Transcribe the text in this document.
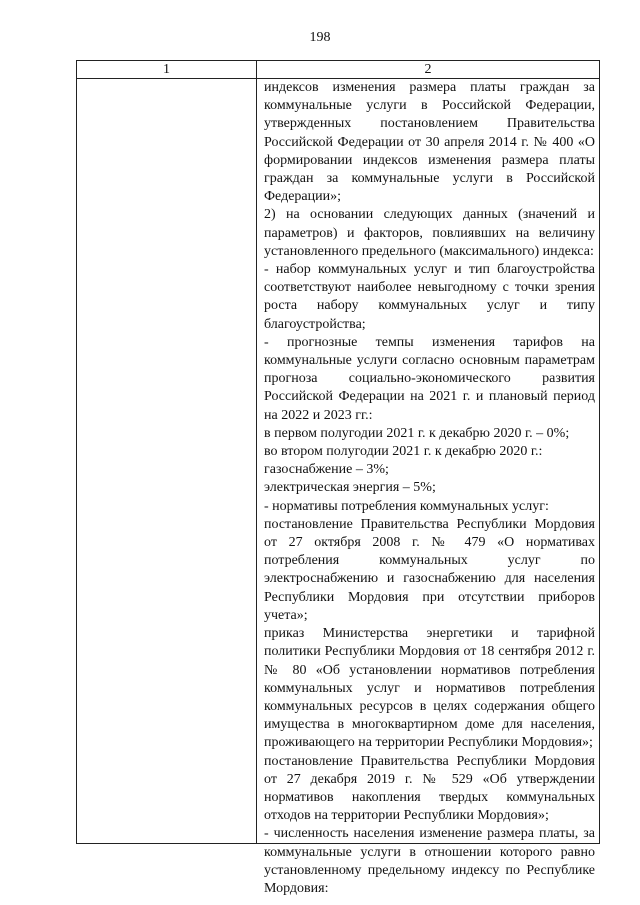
198
1	2

индексов изменения размера платы граждан за коммунальные услуги в Российской Федерации, утвержденных постановлением Правительства Российской Федерации от 30 апреля 2014 г. № 400 «О формировании индексов изменения размера платы граждан за коммунальные услуги в Российской Федерации»;

2) на основании следующих данных (значений и параметров) и факторов, повлиявших на величину установленного предельного (максимального) индекса:

- набор коммунальных услуг и тип благоустройства соответствуют наиболее невыгодному с точки зрения роста набору коммунальных услуг и типу благоустройства;

- прогнозные темпы изменения тарифов на коммунальные услуги согласно основным параметрам прогноза социально-экономического развития Российской Федерации на 2021 г. и плановый период на 2022 и 2023 гг.:

в первом полугодии 2021 г. к декабрю 2020 г. – 0%;

во втором полугодии 2021 г. к декабрю 2020 г.:

газоснабжение – 3%;

электрическая энергия – 5%;

- нормативы потребления коммунальных услуг:

постановление Правительства Республики Мордовия от 27 октября 2008 г. № 479 «О нормативах потребления коммунальных услуг по электроснабжению и газоснабжению для населения Республики Мордовия при отсутствии приборов учета»;

приказ Министерства энергетики и тарифной политики Республики Мордовия от 18 сентября 2012 г. № 80 «Об установлении нормативов потребления коммунальных услуг и нормативов потребления коммунальных ресурсов в целях содержания общего имущества в многоквартирном доме для населения, проживающего на территории Республики Мордовия»;

постановление Правительства Республики Мордовия от 27 декабря 2019 г. № 529 «Об утверждении нормативов накопления твердых коммунальных отходов на территории Республики Мордовия»;

- численность населения изменение размера платы, за коммунальные услуги в отношении которого равно установленному предельному индексу по Республике Мордовия:
